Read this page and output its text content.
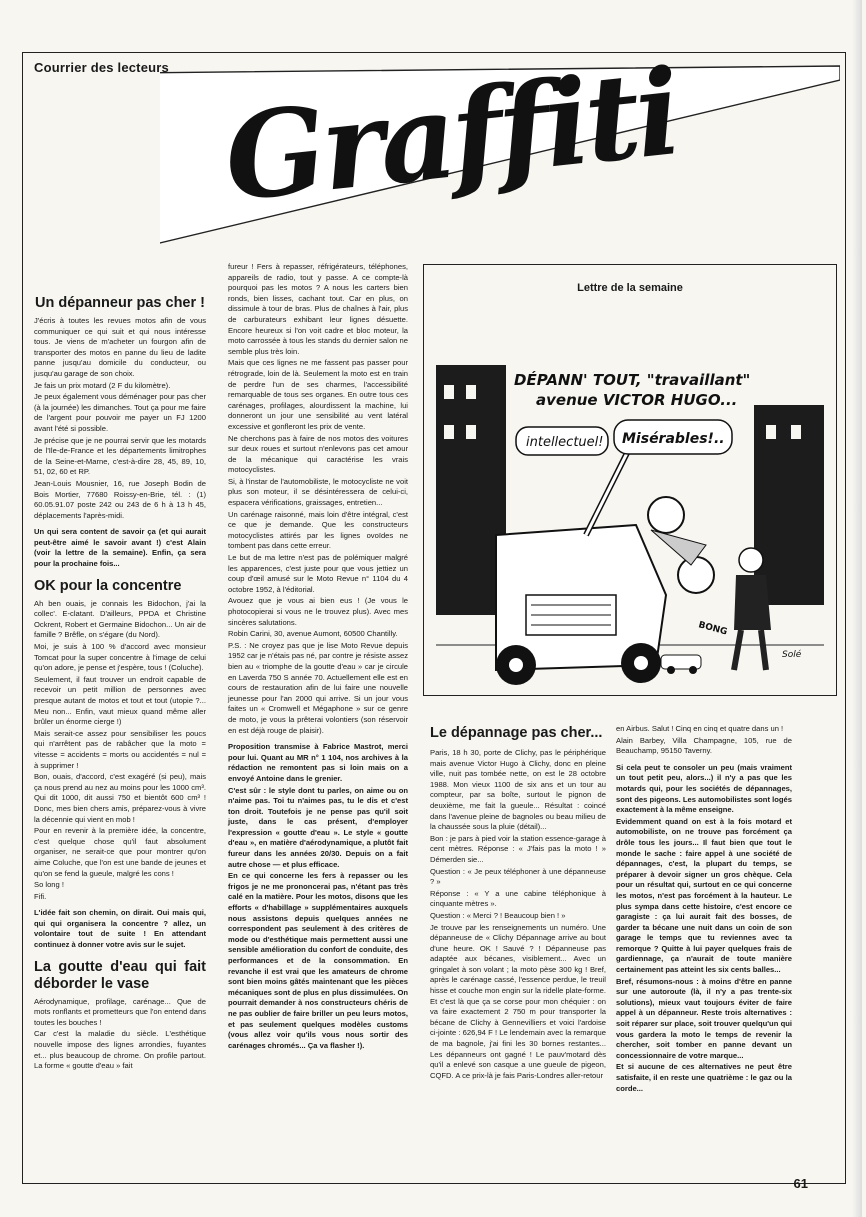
Courrier des lecteurs Graffiti
Un dépanneur pas cher !

J'écris à toutes les revues motos afin de vous communiquer ce qui suit et qui nous intéresse tous. Je viens de m'acheter un fourgon afin de transporter des motos en panne du lieu de ladite panne jusqu'au domicile du conducteur, ou jusqu'au garage de son choix.

Je fais un prix motard (2 F du kilomètre).

Je peux également vous déménager pour pas cher (à la journée) les dimanches. Tout ça pour me faire de l'argent pour pouvoir me payer un FJ 1200 avant l'été si possible.

Je précise que je ne pourrai servir que les motards de l'Ile-de-France et les départements limitrophes de la Seine-et-Marne, c'est-à-dire 28, 45, 89, 10, 51, 02, 60 et RP.

Jean-Louis Mousnier, 16, rue Joseph Bodin de Bois Mortier, 77680 Roissy-en-Brie, tél. : (1) 60.05.91.07 poste 242 ou 243 de 6 h à 13 h 45, déplacements l'après-midi.

Un qui sera content de savoir ça (et qui aurait peut-être aimé le savoir avant !) c'est Alain (voir la lettre de la semaine). Enfin, ça sera pour la prochaine fois...

OK pour la concentre

Ah ben ouais, je connais les Bidochon, j'ai la collec'. E-clatant. D'ailleurs, PPDA et Christine Ockrent, Robert et Germaine Bidochon... Un air de famille ? Brêfle, on s'égare (du Nord).

Moi, je suis à 100 % d'accord avec monsieur Tomcat pour la super concentre à l'image de celui qu'on adore, je pense et j'espère, tous ! (Coluche).

Seulement, il faut trouver un endroit capable de recevoir un petit million de personnes avec presque autant de motos et tout et tout (utopie ?... Meu non... Enfin, vaut mieux quand même aller brûler un énorme cierge !)

Mais serait-ce assez pour sensibiliser les poucs qui n'arrêtent pas de rabâcher que la moto = vitesse = accidents = morts ou accidentés = nul = à supprimer !

Bon, ouais, d'accord, c'est exagéré (si peu), mais ça nous prend au nez au moins pour les 1000 cm³. Qui dit 1000, dit aussi 750 et bientôt 600 cm³ ! Donc, mes bien chers amis, préparez-vous à vivre la décennie qui vient en mob !

Pour en revenir à la première idée, la concentre, c'est quelque chose qu'il faut absolument organiser, ne serait-ce que pour montrer qu'on aime Coluche, que l'on est une bande de jeunes et qu'on se fend la gueule, malgré les cons !

So long !

Fifi.

L'idée fait son chemin, on dirait. Oui mais qui, qui qui organisera la concentre ? allez, un volontaire tout de suite ! En attendant continuez à donner votre avis sur le sujet.

La goutte d'eau qui fait déborder le vase

Aérodynamique, profilage, carénage... Que de mots ronflants et prometteurs que l'on entend dans toutes les bouches !

Car c'est la maladie du siècle. L'esthétique nouvelle impose des lignes arrondies, fuyantes et... plus beaucoup de chrome. On profile partout. La forme « goutte d'eau » fait

fureur ! Fers à repasser, réfrigérateurs, téléphones, appareils de radio, tout y passe. A ce compte-là pourquoi pas les motos ? A nous les carters bien ronds, bien lisses, cachant tout. Car en plus, on dissimule à tour de bras. Plus de chaînes à l'air, plus de carburateurs exhibant leur lignes désuette. Encore heureux si l'on voit cadre et bloc moteur, la moto carrossée à tous les stands du dernier salon ne semble plus très loin.

Mais que ces lignes ne me fassent pas passer pour rétrograde, loin de là. Seulement la moto est en train de perdre l'un de ses charmes, l'accessibilité remarquable de tous ses organes. En outre tous ces carénages, profilages, alourdissent la machine, lui donneront un jour une sensibilité au vent latéral excessive et gonfleront les prix de vente.

Ne cherchons pas à faire de nos motos des voitures sur deux roues et surtout n'enlevons pas cet amour de la mécanique qui caractérise les vrais motocyclistes.

Si, à l'instar de l'automobiliste, le motocycliste ne voit plus son moteur, il se désintéressera de celui-ci, espacera vérifications, graissages, entretien...

Un carénage raisonné, mais loin d'être intégral, c'est ce que je demande. Que les constructeurs motocyclistes attirés par les lignes ovoïdes ne tombent pas dans cette erreur.

Le but de ma lettre n'est pas de polémiquer malgré les apparences, c'est juste pour que vous jettiez un coup d'œil amusé sur le Moto Revue n° 1104 du 4 octobre 1952, à l'éditorial.

Avouez que je vous ai bien eus ! (Je vous le photocopierai si vous ne le trouvez plus). Avec mes sincères salutations.

Robin Carini, 30, avenue Aumont, 60500 Chantilly.

P.S. : Ne croyez pas que je lise Moto Revue depuis 1952 car je n'étais pas né, par contre je résiste assez bien au « triomphe de la goutte d'eau » car je circule en Laverda 750 S année 70. Actuellement elle est en cours de restauration afin de lui faire une nouvelle jeunesse pour l'an 2000 qui arrive. Si un jour vous faites un « Cromwell et Mégaphone » sur ce genre de moto, je vous la prêterai volontiers (son réservoir en est déjà rouge de plaisir).

Proposition transmise à Fabrice Mastrot, merci pour lui. Quant au MR n° 1 104, nos archives à la rédaction ne remontent pas si loin mais on a envoyé Antoine dans le grenier.

C'est sûr : le style dont tu parles, on aime ou on n'aime pas. Toi tu n'aimes pas, tu le dis et c'est ton droit. Toutefois je ne pense pas qu'il soit juste, dans le cas présent, d'employer l'expression « goutte d'eau ». Le style « goutte d'eau », en matière d'aérodynamique, a plutôt fait fureur dans les années 20/30. Depuis on a fait autre chose — et plus efficace.

En ce qui concerne les fers à repasser ou les frigos je ne me prononcerai pas, n'étant pas très calé en la matière. Pour les motos, disons que les efforts « d'habillage » supplémentaires auxquels nous assistons depuis quelques années ne correspondent pas seulement à des critères de mode ou d'esthétique mais permettent aussi une sensible amélioration du confort de conduite, des performances et de la consommation. En revanche il est vrai que les amateurs de chrome sont bien moins gâtés maintenant que les pièces mécaniques sont de plus en plus dissimulées. On pourrait demander à nos constructeurs chéris de ne pas oublier de faire briller un peu leurs motos, et pas seulement quelques modèles customs (vous allez voir qu'ils vous nous sortir des carénages chromés... Ça va flasher !).

Lettre de la semaine
DÉPANN' TOUT, "travaillant"
avenue VICTOR HUGO...
intellectuel! Misérables!..
BONG
Solé
Le dépannage pas cher...

Paris, 18 h 30, porte de Clichy, pas le périphérique mais avenue Victor Hugo à Clichy, donc en pleine ville, nuit pas tombée nette, on est le 28 octobre 1988. Mon vieux 1100 de six ans et un tour au compteur, par sa boîte, surtout le pignon de deuxième, me fait la gueule... Résultat : coincé dans l'avenue pleine de bagnoles ou beau milieu de la chaussée sous la pluie (détail)...

Bon : je pars à pied voir la station essence-garage à cent mètres. Réponse : « J'fais pas la moto ! » Démerden sie...

Question : « Je peux téléphoner à une dépanneuse ? »

Réponse : « Y a une cabine téléphonique à cinquante mètres ».

Question : « Merci ? ! Beaucoup bien ! »

Je trouve par les renseignements un numéro. Une dépanneuse de « Clichy Dépannage arrive au bout d'une heure. OK ! Sauvé ? ! Dépanneuse pas adaptée aux bécanes, visiblement... Avec un gringalet à son volant ; la moto pèse 300 kg ! Bref, après le carénage cassé, l'essence perdue, le treuil hisse et couche mon engin sur la ridelle plate-forme. Et c'est là que ça se corse pour mon chéquier : on va faire exactement 2 750 m pour transporter la bécane de Clichy à Gennevilliers et voici l'ardoise ci-jointe : 626,94 F ! Le lendemain avec la remarque de ma bagnole, j'ai fini les 30 bornes restantes... Les dépanneurs ont gagné ! Le pauv'motard dès qu'il a enlevé son casque a une gueule de pigeon, CQFD. A ce prix-là je fais Paris-Londres aller-retour

en Airbus. Salut ! Cinq en cinq et quatre dans un !

Alain Barbey, Villa Champagne, 105, rue de Beauchamp, 95150 Taverny.

Si cela peut te consoler un peu (mais vraiment un tout petit peu, alors...) il n'y a pas que les motards qui, pour les sociétés de dépannages, sont des pigeons. Les automobilistes sont logés exactement à la même enseigne.

Evidemment quand on est à la fois motard et automobiliste, on ne trouve pas forcément ça drôle tous les jours... Il faut bien que tout le monde le sache : faire appel à une société de dépannages, c'est, la plupart du temps, se préparer à devoir signer un gros chèque. Cela pour un résultat qui, surtout en ce qui concerne les motos, n'est pas forcément à la hauteur. Le plus sympa dans cette histoire, c'est encore ce garagiste : ça lui aurait fait des bosses, de garder ta bécane une nuit dans un coin de son garage le temps que tu reviennes avec ta remorque ? Quitte à lui payer quelques frais de gardiennage, ça n'aurait de toute manière certainement pas atteint les six cents balles...

Bref, résumons-nous : à moins d'être en panne sur une autoroute (là, il n'y a pas trente-six solutions), mieux vaut toujours éviter de faire appel à un dépanneur. Reste trois alternatives : soit réparer sur place, soit trouver quelqu'un qui vous gardera la moto le temps de revenir la chercher, soit tomber en panne devant un concessionnaire de votre marque...

Et si aucune de ces alternatives ne peut être satisfaite, il en reste une quatrième : le gaz ou la corde...

61
